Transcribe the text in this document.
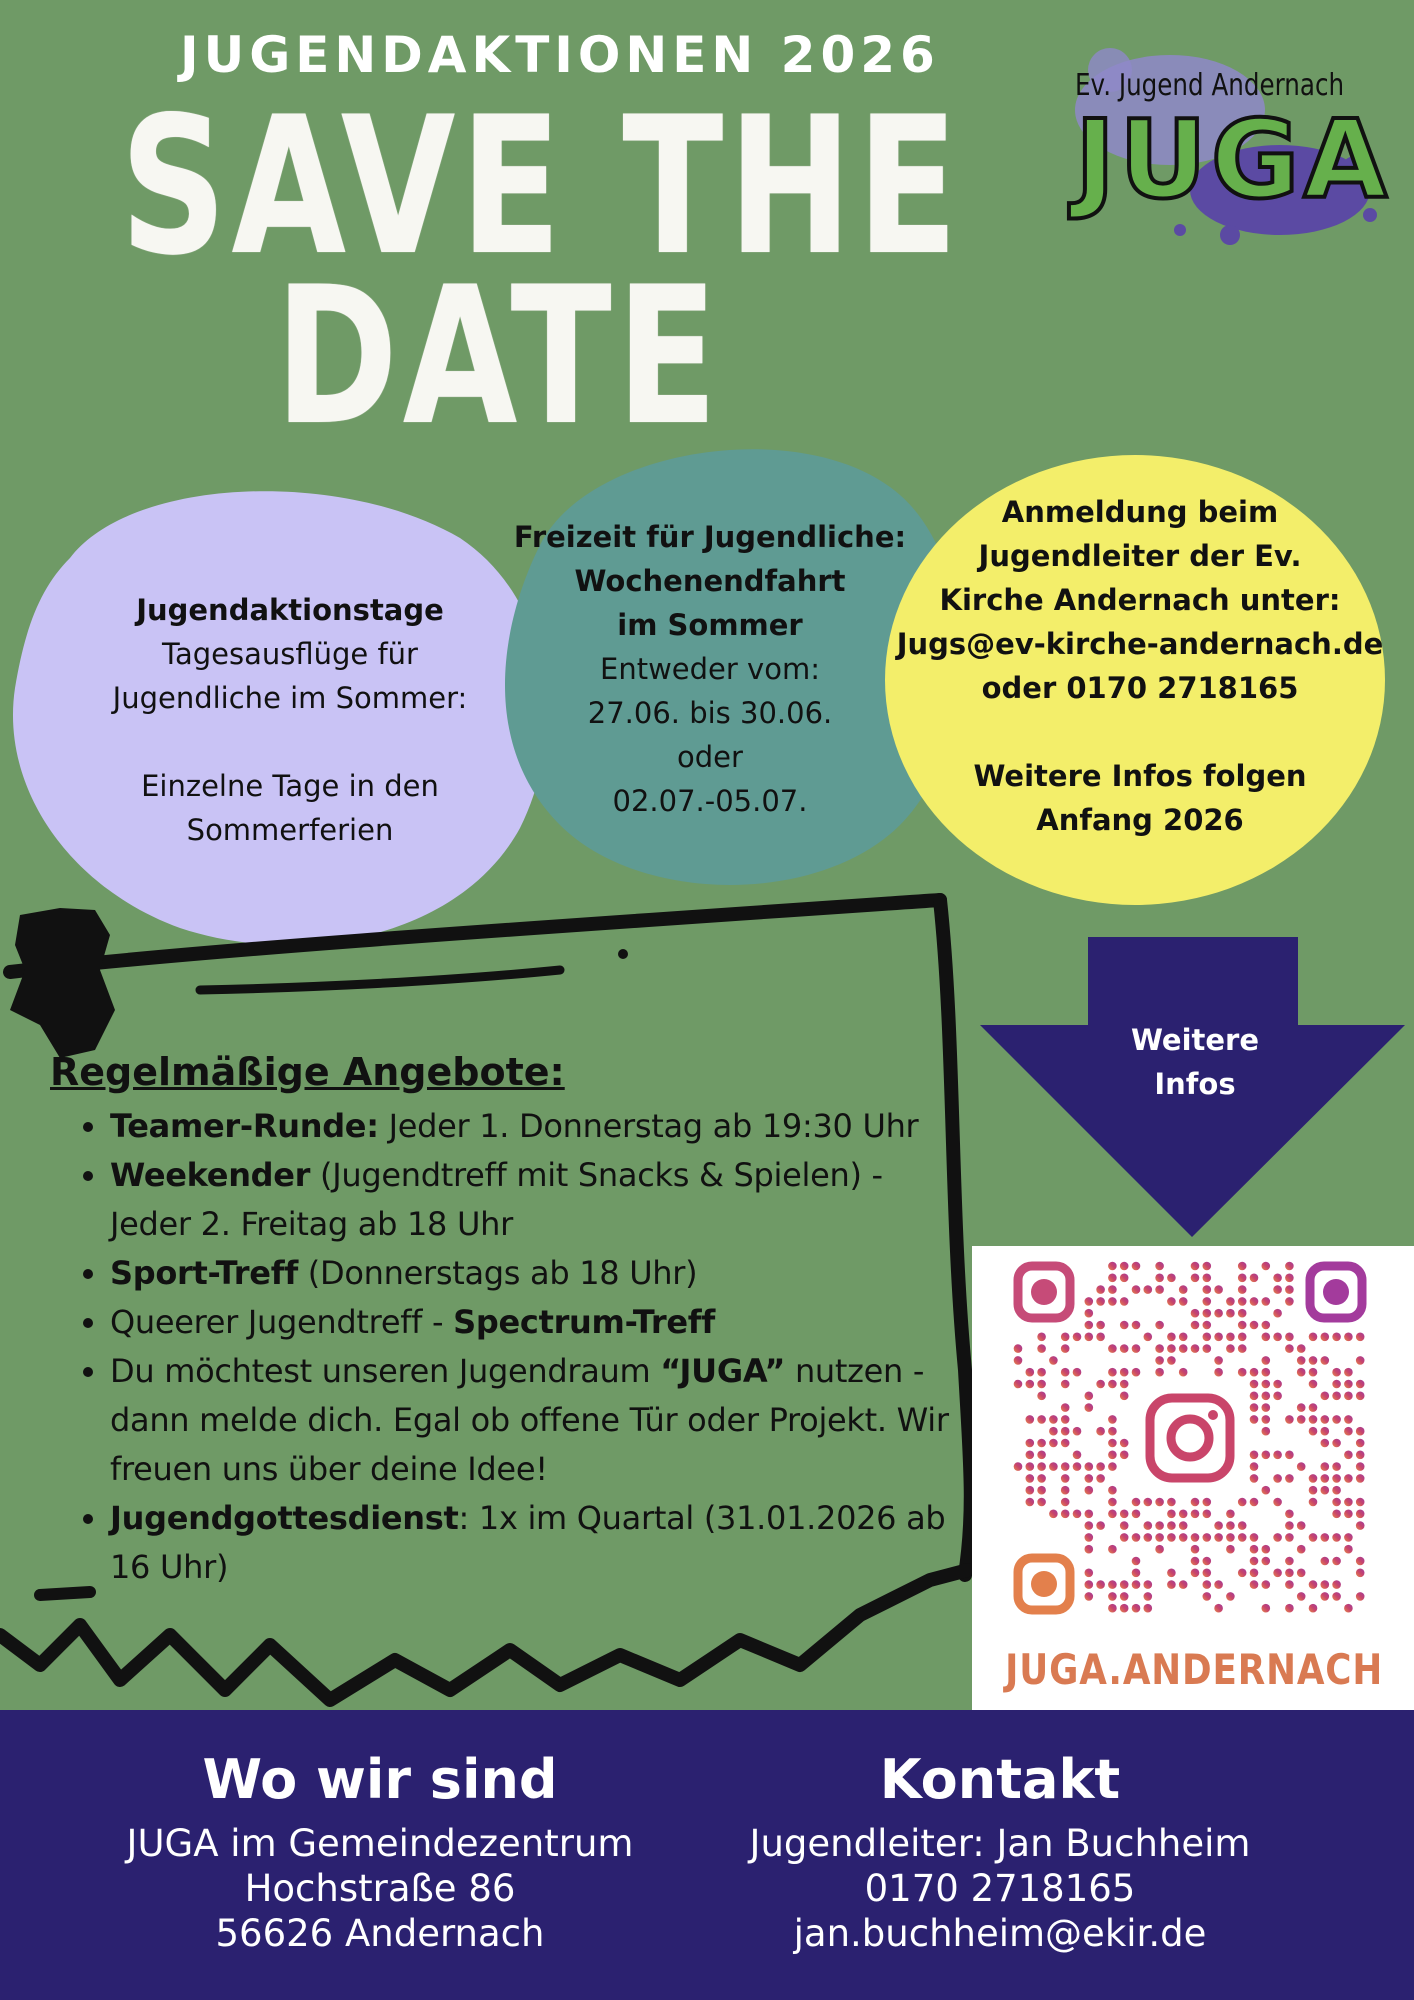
JUGENDAKTIONEN 2026
SAVE THE
DATE
Ev. Jugend Andernach
JUGA
Jugendaktionstage
Tagesausflüge für
Jugendliche im Sommer:
Einzelne Tage in den
Sommerferien
Freizeit für Jugendliche:
Wochenendfahrt
im Sommer
Entweder vom:
27.06. bis 30.06.
oder
02.07.-05.07.
Anmeldung beim
Jugendleiter der Ev.
Kirche Andernach unter:
Jugs@ev-kirche-andernach.de
oder 0170 2718165
Weitere Infos folgen
Anfang 2026
Regelmäßige Angebote:
• Teamer-Runde: Jeder 1. Donnerstag ab 19:30 Uhr
• Weekender (Jugendtreff mit Snacks & Spielen) - Jeder 2. Freitag ab 18 Uhr
• Sport-Treff (Donnerstags ab 18 Uhr)
• Queerer Jugendtreff - Spectrum-Treff
• Du möchtest unseren Jugendraum “JUGA” nutzen - dann melde dich. Egal ob offene Tür oder Projekt. Wir freuen uns über deine Idee!
• Jugendgottesdienst: 1x im Quartal (31.01.2026 ab 16 Uhr)
Weitere
Infos
JUGA.ANDERNACH
Wo wir sind
JUGA im Gemeindezentrum
Hochstraße 86
56626 Andernach
Kontakt
Jugendleiter: Jan Buchheim
0170 2718165
jan.buchheim@ekir.de
